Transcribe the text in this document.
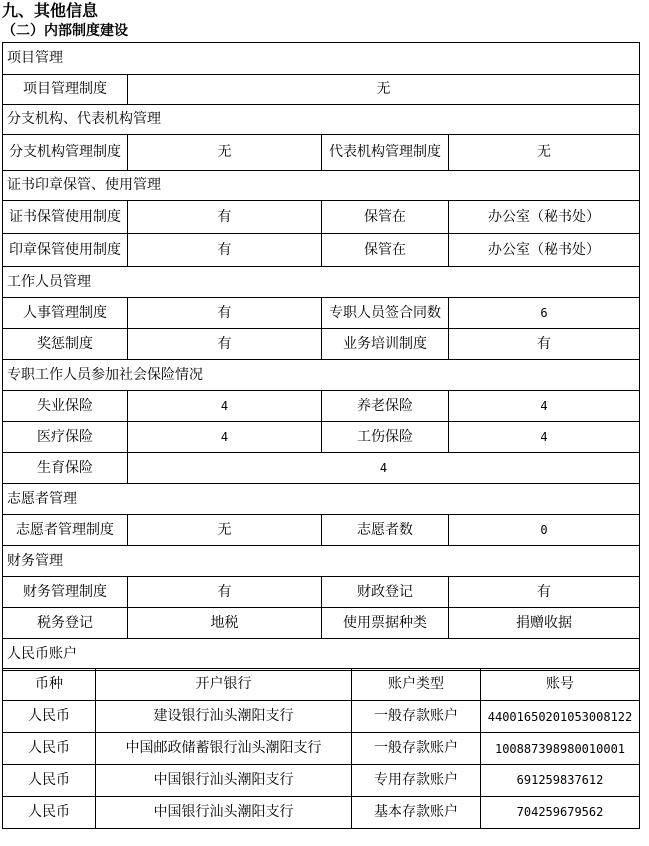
九、其他信息
（二）内部制度建设
项目管理			
项目管理制度	无		
分支机构、代表机构管理			
分支机构管理制度	无	代表机构管理制度	无
证书印章保管、使用管理			
证书保管使用制度	有	保管在	办公室（秘书处）
印章保管使用制度	有	保管在	办公室（秘书处）
工作人员管理			
人事管理制度	有	专职人员签合同数	6
奖惩制度	有	业务培训制度	有
专职工作人员参加社会保险情况			
失业保险	4	养老保险	4
医疗保险	4	工伤保险	4
生育保险	4		
志愿者管理			
志愿者管理制度	无	志愿者数	0
财务管理			
财务管理制度	有	财政登记	有
税务登记	地税	使用票据种类	捐赠收据
人民币账户			
币种	开户银行	账户类型	账号
人民币	建设银行汕头潮阳支行	一般存款账户	44001650201053008122
人民币	中国邮政储蓄银行汕头潮阳支行	一般存款账户	100887398980010001
人民币	中国银行汕头潮阳支行	专用存款账户	691259837612
人民币	中国银行汕头潮阳支行	基本存款账户	704259679562
